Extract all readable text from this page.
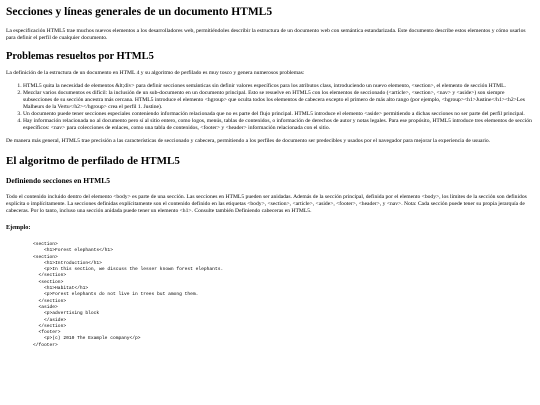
Secciones y líneas generales de un documento HTML5

La especificación HTML5 trae muchos nuevos elementos a los desarrolladores web, permitiéndoles describir la estructura de un documento web con semántica estandarizada. Este documento describe estos elementos y cómo usarlos para definir el perfil de cualquier documento.

Problemas resueltos por HTML5

La definición de la estructura de un documento en HTML 4 y su algoritmo de perfilado es muy tosco y genera numerosos problemas:

1. HTML5 quita la necesidad de elementos &lt;div> para definir secciones semánticas sin definir valores específicos para los atributos class, introduciendo un nuevo elemento, <section>, el elemento de sección HTML.
2. Mezclar varios documentos es difícil: la inclusión de un sub-documento en un documento principal. Esto se resuelve en HTML5 con los elementos de seccionado (<article>, <section>, <nav> y <aside>) son siempre subsecciones de su sección ancestra más cercana. HTML5 introduce el elemento <hgroup> que oculta todos los elementos de cabecera excepto el primero de más alto rango (por ejemplo, <hgroup><h1>Justine</h1><h2>Les Malheurs de la Vertu</h2></hgroup> crea el perfil 1. Justine).
3. Un documento puede tener secciones especiales conteniendo información relacionada que no es parte del flujo principal. HTML5 introduce el elemento <aside> permitiendo a dichas secciones no ser parte del perfil principal.
4. Hay información relacionada no al documento pero sí al sitio entero, como logos, menús, tablas de contenidos, o información de derechos de autor y notas legales. Para ese propósito, HTML5 introduce tres elementos de sección específicos: <nav> para colecciones de enlaces, como una tabla de contenidos, <footer> y <header> información relacionada con el sitio.

De manera más general, HTML5 trae precisión a las características de seccionado y cabecera, permitiendo a los perfiles de documento ser predecibles y usados por el navegador para mejorar la experiencia de usuario.

El algoritmo de perfilado de HTML5
Definiendo secciones en HTML5

Todo el contenido incluido dentro del elemento <body> es parte de una sección. Las secciones en HTML5 pueden ser anidadas. Además de la sección principal, definida por el elemento <body>, los límites de la sección son definidos explícita o implícitamente. La secciones definidas explícitamente son el contenido definido en las etiquetas <body>, <section>, <article>, <aside>, <footer>, <header>, y <nav>. Nota: Cada sección puede tener su propia jerarquía de cabeceras. Por lo tanto, incluso una sección anidada puede tener un elemento <h1>. Consulte también Definiendo cabeceras en HTML5.

Ejemplo:
<section>
<h1>Forest elephants</h1>
<section>
<h1>Introduction</h1>
<p>In this section, we discuss the lesser known forest elephants.
</section>
<section>
<h1>Habitat</h1>
<p>Forest elephants do not live in trees but among them.
</section>
<aside>
<p>advertising block
</aside>
</section>
<footer>
<p>(c) 2010 The Example company</p>
</footer>
